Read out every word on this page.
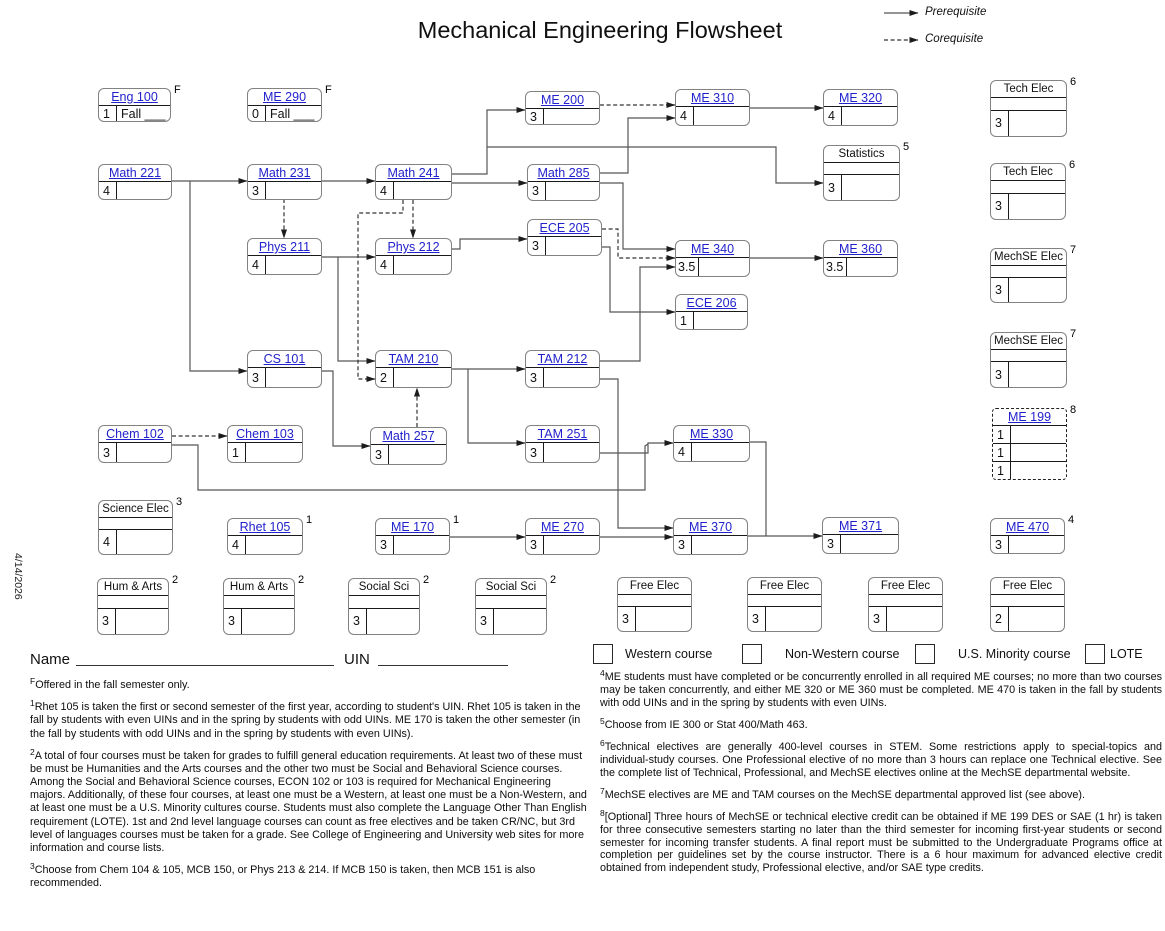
Mechanical Engineering Flowsheet
Prerequisite
Corequisite
Eng 100
1 Fall ___
F	ME 290
0 Fall ___
F
Math 221
4
Math 231
3
Math 241
4
ME 200
3
ME 310
4
ME 320
4
Statistics
3
5
Math 285
3
Phys 211
4
Phys 212
4
ECE 205
3	ME 340
3.5
ME 360
3.5
ECE 206
1
CS 101
3
TAM 210
2
TAM 212
3
Chem 102
3
Chem 103
1
Math 257
3
TAM 251
3
ME 330
4
Science Elec
4
3
Rhet 105
4
1	ME 170
3
1	ME 270
3
ME 370
3
ME 371
3
ME 470
3
4
Hum & Arts
3
2
Hum & Arts
3
2
Social Sci
3
2
Social Sci
3
2	Free Elec
3
Free Elec
3
Free Elec
3
Free Elec
2
Tech Elec
3
6
Tech Elec
3
6
MechSE Elec
3
7
MechSE Elec
3
7
ME 199
1
1
1
8
Western course	Non-Western course	U.S. Minority course	LOTE
Name	UIN
4/14/2026

$^F$Offered in the fall semester only.

$^1$Rhet 105 is taken the first or second semester of the first year, according to student's UIN. Rhet 105 is taken in the fall by students with even UINs and in the spring by students with odd UINs. ME 170 is taken the other semester (in the fall by students with odd UINs and in the spring by students with even UINs).

$^2$A total of four courses must be taken for grades to fulfill general education requirements. At least two of these must be must be Humanities and the Arts courses and the other two must be Social and Behavioral Science courses. Among the Social and Behavioral Science courses, ECON 102 or 103 is required for Mechanical Engineering majors. Additionally, of these four courses, at least one must be a Western, at least one must be a Non-Western, and at least one must be a U.S. Minority cultures course. Students must also complete the Language Other Than English requirement (LOTE). 1st and 2nd level language courses can count as free electives and be taken CR/NC, but 3rd level of languages courses must be taken for a grade. See College of Engineering and University web sites for more information and course lists.

$^3$Choose from Chem 104 & 105, MCB 150, or Phys 213 & 214. If MCB 150 is taken, then MCB 151 is also recommended.

$^4$ME students must have completed or be concurrently enrolled in all required ME courses; no more than two courses may be taken concurrently, and either ME 320 or ME 360 must be completed. ME 470 is taken in the fall by students with odd UINs and in the spring by students with even UINs.

$^5$Choose from IE 300 or Stat 400/Math 463.

$^6$Technical electives are generally 400-level courses in STEM. Some restrictions apply to special-topics and individual-study courses. One Professional elective of no more than 3 hours can replace one Technical elective. See the complete list of Technical, Professional, and MechSE electives online at the MechSE departmental website.

$^7$MechSE electives are ME and TAM courses on the MechSE departmental approved list (see above).

$^8$[Optional] Three hours of MechSE or technical elective credit can be obtained if ME 199 DES or SAE (1 hr) is taken for three consecutive semesters starting no later than the third semester for incoming first-year students or second semester for incoming transfer students. A final report must be submitted to the Undergraduate Programs office at completion per guidelines set by the course instructor. There is a 6 hour maximum for advanced elective credit obtained from independent study, Professional elective, and/or SAE type credits.
